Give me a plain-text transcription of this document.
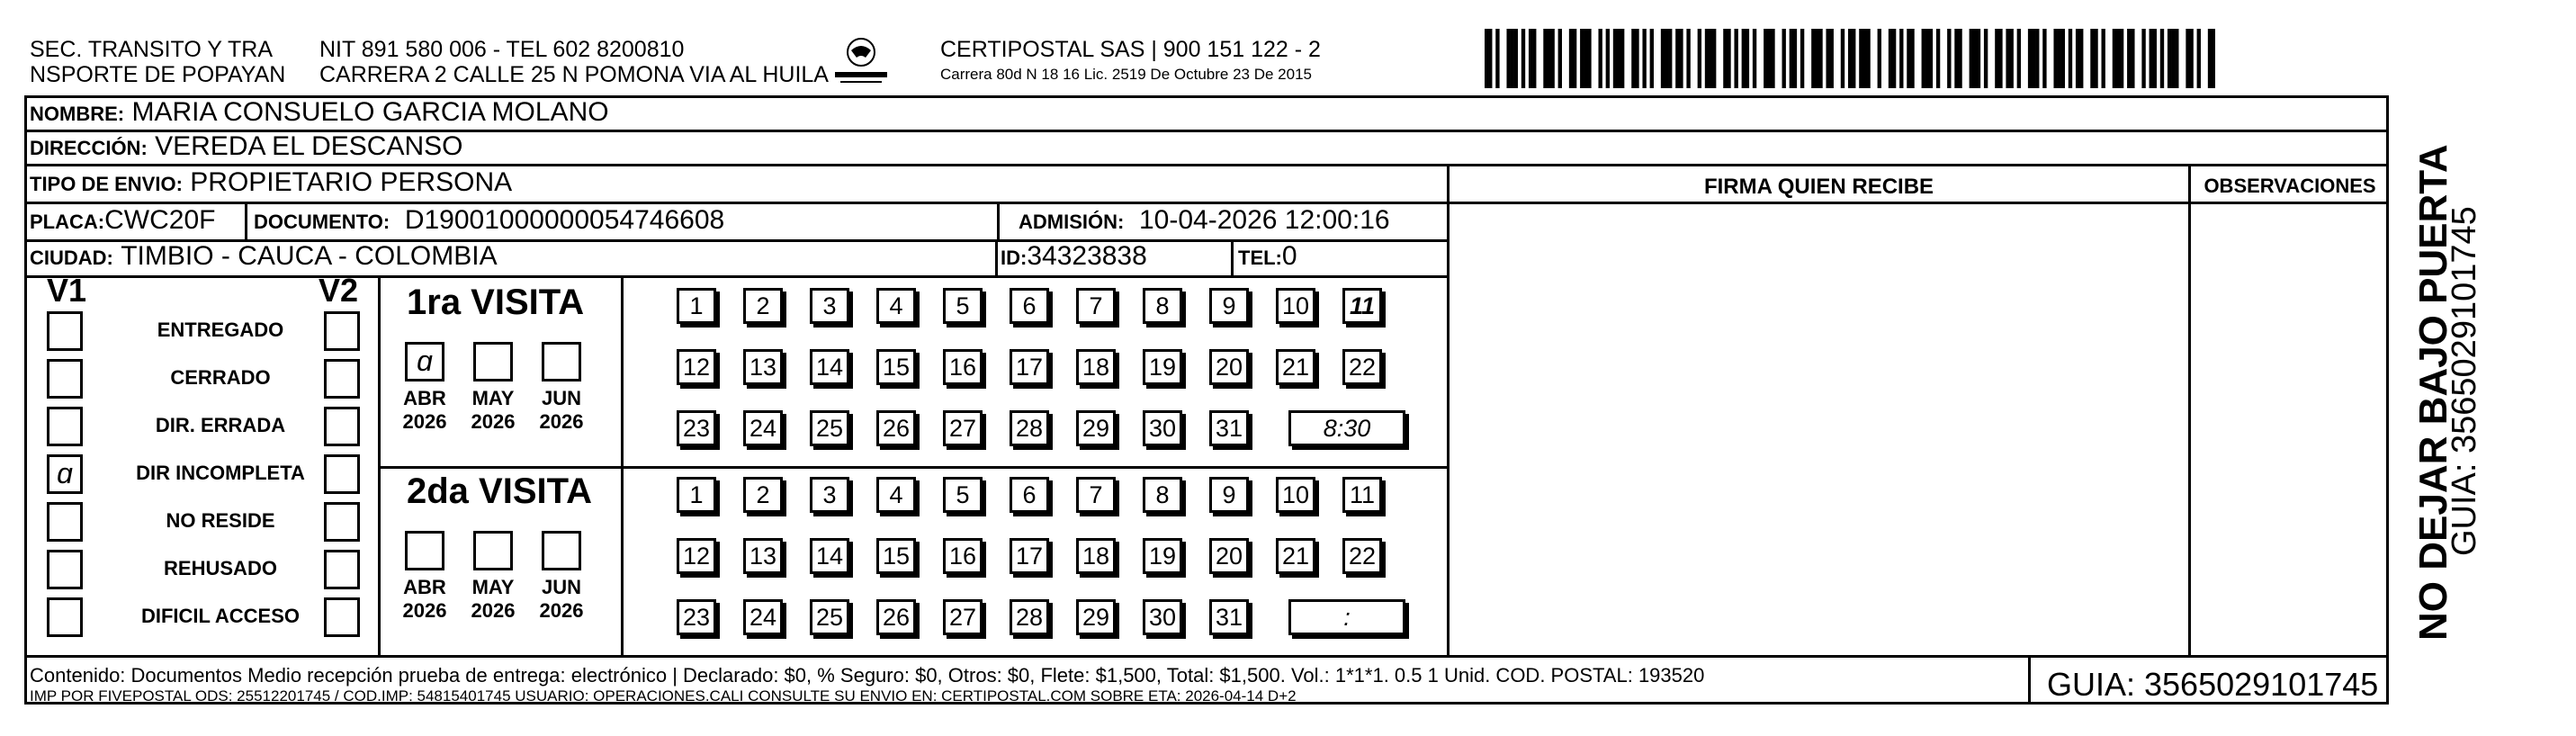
SEC. TRANSITO Y TRA
NSPORTE DE POPAYAN
NIT 891 580 006 - TEL 602 8200810
CARRERA 2 CALLE 25 N POMONA VIA AL HUILA
CERTIPOSTAL SAS | 900 151 122 - 2
Carrera 80d N 18 16 Lic. 2519 De Octubre 23 De 2015
NOMBRE: MARIA CONSUELO GARCIA MOLANO
DIRECCIÓN: VEREDA EL DESCANSO
TIPO DE ENVIO: PROPIETARIO PERSONA
PLACA:CWC20F DOCUMENTO: D19001000000054746608	ADMISIÓN: 10-04-2026 12:00:16
CIUDAD: TIMBIO - CAUCA - COLOMBIA	ID:34323838	TEL:0
FIRMA QUIEN RECIBE	OBSERVACIONES
V1	V2
ENTREGADO
CERRADO
DIR. ERRADA
ɑ	DIR INCOMPLETA
NO RESIDE
REHUSADO
DIFICIL ACCESO
1ra VISITA
ɑ
ABR
2026
MAY
2026
JUN
2026
1	2	3	4	5	6	7	8	9	10 11
12 13 14 15 16 17 18 19 20 21 22
23 24 25 26 27 28 29 30 31	8:30
2da VISITA
ABR
2026
MAY
2026
JUN
2026
1	2	3	4	5	6	7	8	9	10 11
12 13 14 15 16 17 18 19 20 21 22
23 24 25 26 27 28 29 30 31	:
Contenido: Documentos Medio recepción prueba de entrega: electrónico | Declarado: $0, % Seguro: $0, Otros: $0, Flete: $1,500, Total: $1,500. Vol.: 1*1*1. 0.5 1 Unid. COD. POSTAL: 193520
IMP POR FIVEPOSTAL ODS: 25512201745 / COD.IMP: 54815401745 USUARIO: OPERACIONES.CALI CONSULTE SU ENVIO EN: CERTIPOSTAL.COM SOBRE ETA: 2026-04-14 D+2	GUIA: 3565029101745
NO DEJAR BAJO PUERTA
GUIA: 3565029101745
